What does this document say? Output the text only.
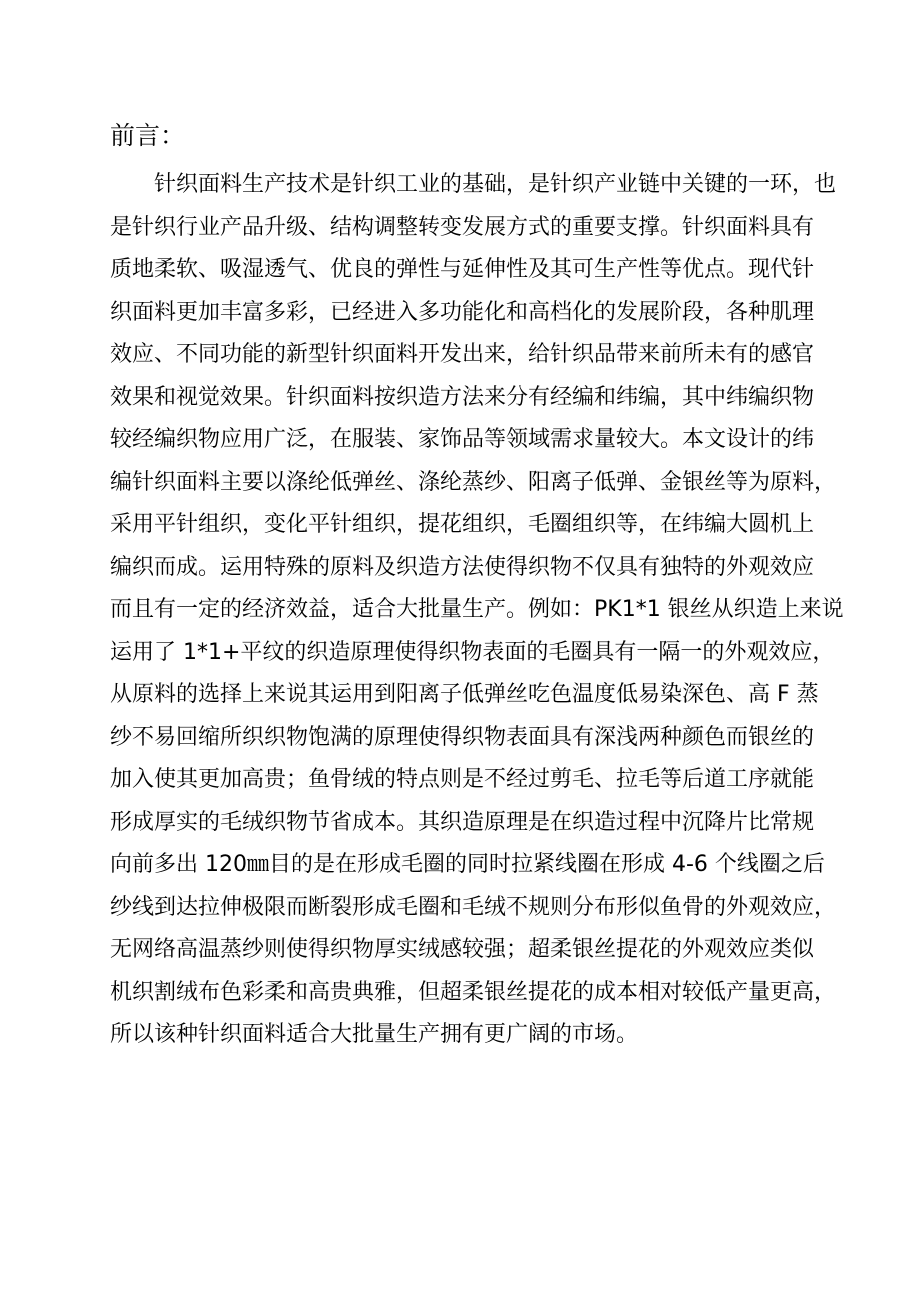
前言：
针织面料生产技术是针织工业的基础，是针织产业链中关键的一环，也
是针织行业产品升级、结构调整转变发展方式的重要支撑。针织面料具有
质地柔软、吸湿透气、优良的弹性与延伸性及其可生产性等优点。现代针
织面料更加丰富多彩，已经进入多功能化和高档化的发展阶段，各种肌理
效应、不同功能的新型针织面料开发出来，给针织品带来前所未有的感官
效果和视觉效果。针织面料按织造方法来分有经编和纬编，其中纬编织物
较经编织物应用广泛，在服装、家饰品等领域需求量较大。本文设计的纬
编针织面料主要以涤纶低弹丝、涤纶蒸纱、阳离子低弹、金银丝等为原料，
采用平针组织，变化平针组织，提花组织，毛圈组织等，在纬编大圆机上
编织而成。运用特殊的原料及织造方法使得织物不仅具有独特的外观效应
而且有一定的经济效益，适合大批量生产。例如：PK1*1 银丝从织造上来说
运用了 1*1+平纹的织造原理使得织物表面的毛圈具有一隔一的外观效应，
从原料的选择上来说其运用到阳离子低弹丝吃色温度低易染深色、高 F 蒸
纱不易回缩所织织物饱满的原理使得织物表面具有深浅两种颜色而银丝的
加入使其更加高贵；鱼骨绒的特点则是不经过剪毛、拉毛等后道工序就能
形成厚实的毛绒织物节省成本。其织造原理是在织造过程中沉降片比常规
向前多出 120㎜目的是在形成毛圈的同时拉紧线圈在形成 4-6 个线圈之后
纱线到达拉伸极限而断裂形成毛圈和毛绒不规则分布形似鱼骨的外观效应，
无网络高温蒸纱则使得织物厚实绒感较强；超柔银丝提花的外观效应类似
机织割绒布色彩柔和高贵典雅，但超柔银丝提花的成本相对较低产量更高，
所以该种针织面料适合大批量生产拥有更广阔的市场。
